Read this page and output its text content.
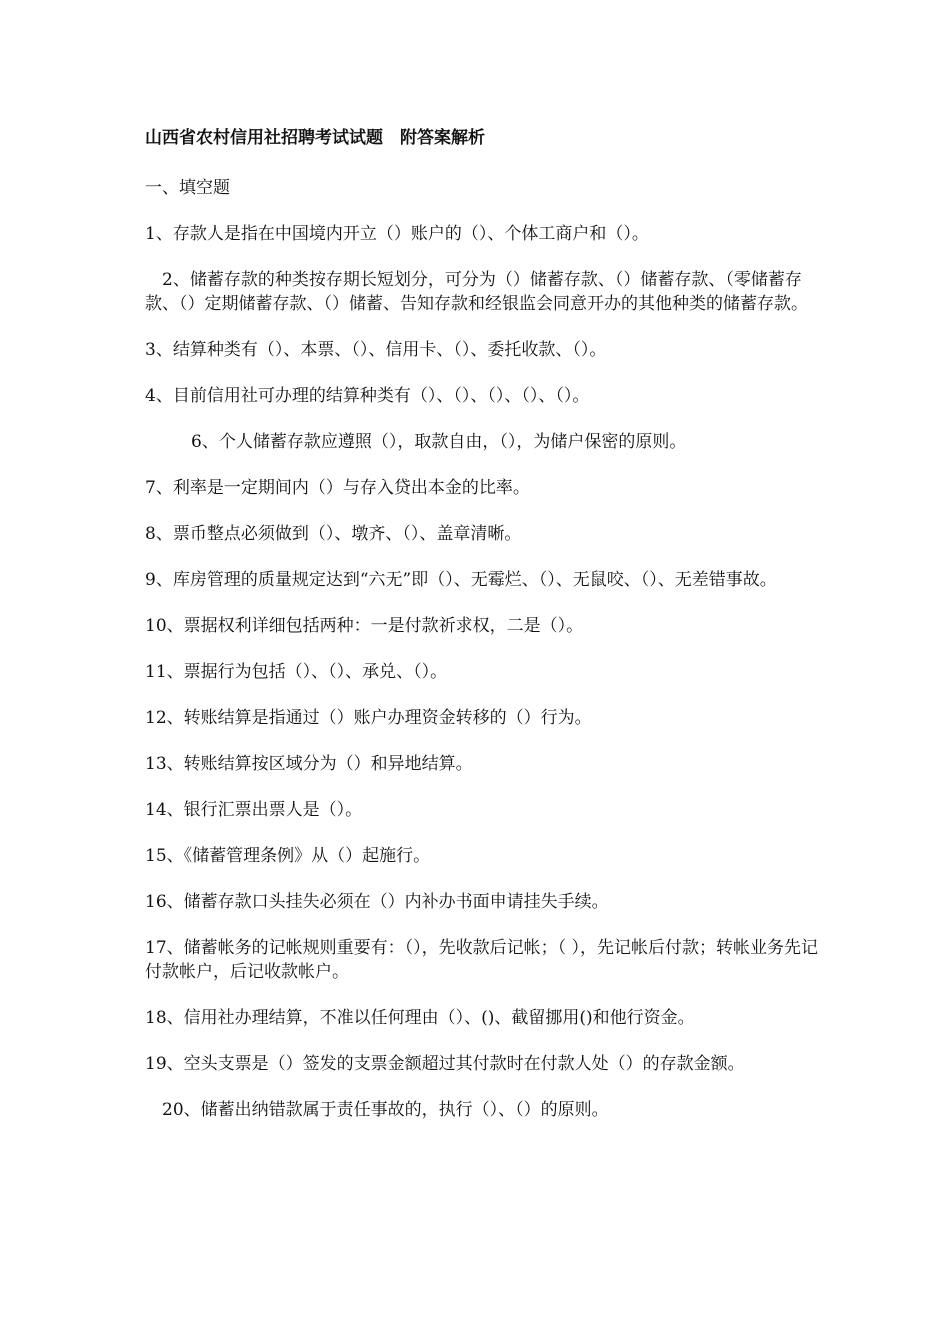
山西省农村信用社招聘考试试题　附答案解析
一、填空题
1、存款人是指在中国境内开立（）账户的（）、个体工商户和（）。
2、储蓄存款的种类按存期长短划分，可分为（）储蓄存款、（）储蓄存款、（零储蓄存款、（）定期储蓄存款、（）储蓄、告知存款和经银监会同意开办的其他种类的储蓄存款。
3、结算种类有（）、本票、（）、信用卡、（）、委托收款、（）。
4、目前信用社可办理的结算种类有（）、（）、（）、（）、（）。
6、个人储蓄存款应遵照（），取款自由，（），为储户保密的原则。
7、利率是一定期间内（）与存入贷出本金的比率。
8、票币整点必须做到（）、墩齐、（）、盖章清晰。
9、库房管理的质量规定达到“六无”即（）、无霉烂、（）、无鼠咬、（）、无差错事故。
10、票据权利详细包括两种：一是付款祈求权，二是（）。
11、票据行为包括（）、（）、承兑、（）。
12、转账结算是指通过（）账户办理资金转移的（）行为。
13、转账结算按区域分为（）和异地结算。
14、银行汇票出票人是（）。
15、《储蓄管理条例》从（）起施行。
16、储蓄存款口头挂失必须在（）内补办书面申请挂失手续。
17、储蓄帐务的记帐规则重要有：（），先收款后记帐；（ ），先记帐后付款；转帐业务先记付款帐户，后记收款帐户。
18、信用社办理结算，不准以任何理由（）、()、截留挪用()和他行资金。
19、空头支票是（）签发的支票金额超过其付款时在付款人处（）的存款金额。
20、储蓄出纳错款属于责任事故的，执行（）、（）的原则。
